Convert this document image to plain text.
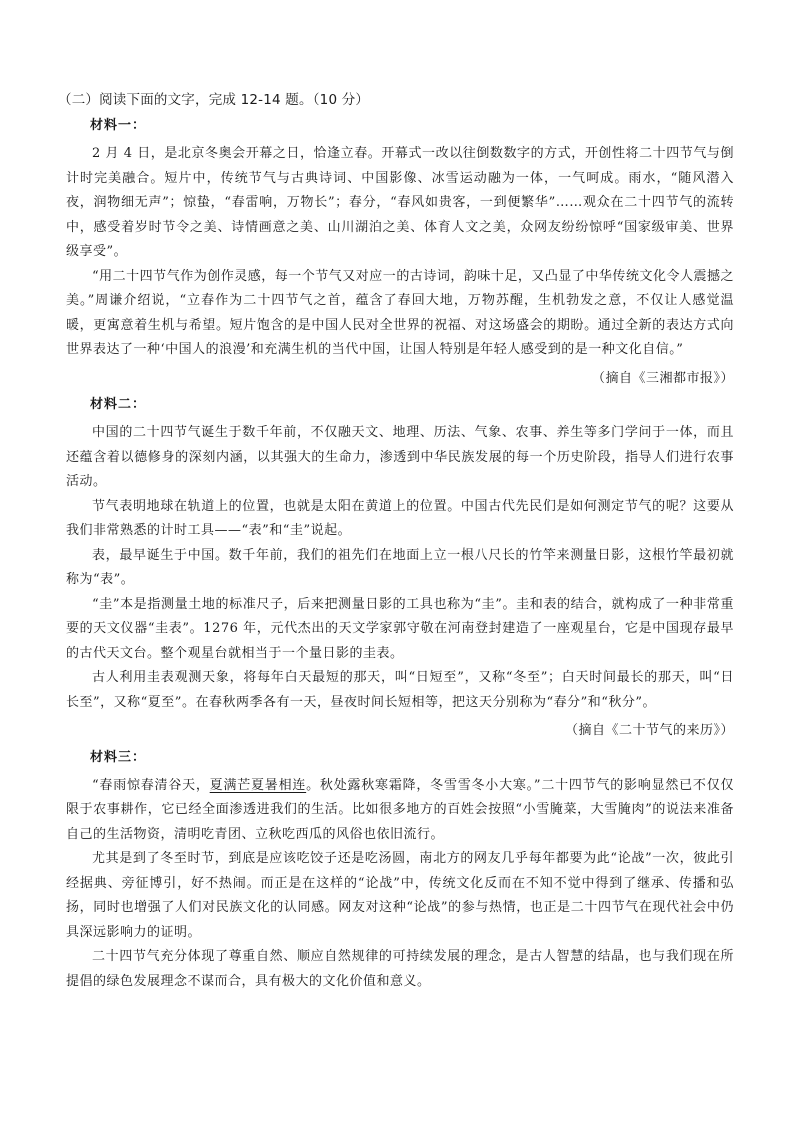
（二）阅读下面的文字，完成 12-14 题。（10 分）
材料一：

2 月 4 日，是北京冬奥会开幕之日，恰逢立春。开幕式一改以往倒数数字的方式，开创性将二十四节气与倒计时完美融合。短片中，传统节气与古典诗词、中国影像、冰雪运动融为一体，一气呵成。雨水，“随风潜入夜，润物细无声”；惊蛰，“春雷响，万物长”；春分，“春风如贵客，一到便繁华”……观众在二十四节气的流转中，感受着岁时节令之美、诗情画意之美、山川湖泊之美、体育人文之美，众网友纷纷惊呼“国家级审美、世界级享受”。

“用二十四节气作为创作灵感，每一个节气又对应一的古诗词，韵味十足，又凸显了中华传统文化令人震撼之美。”周谦介绍说，“立春作为二十四节气之首，蕴含了春回大地，万物苏醒，生机勃发之意，不仅让人感觉温暖，更寓意着生机与希望。短片饱含的是中国人民对全世界的祝福、对这场盛会的期盼。通过全新的表达方式向世界表达了一种‘中国人的浪漫’和充满生机的当代中国，让国人特别是年轻人感受到的是一种文化自信。”

（摘自《三湘都市报》）
材料二：

中国的二十四节气诞生于数千年前，不仅融天文、地理、历法、气象、农事、养生等多门学问于一体，而且还蕴含着以德修身的深刻内涵，以其强大的生命力，渗透到中华民族发展的每一个历史阶段，指导人们进行农事活动。

节气表明地球在轨道上的位置，也就是太阳在黄道上的位置。中国古代先民们是如何测定节气的呢？这要从我们非常熟悉的计时工具——“表”和“圭”说起。

表，最早诞生于中国。数千年前，我们的祖先们在地面上立一根八尺长的竹竿来测量日影，这根竹竿最初就称为“表”。

“圭”本是指测量土地的标准尺子，后来把测量日影的工具也称为“圭”。圭和表的结合，就构成了一种非常重要的天文仪器“圭表”。1276 年，元代杰出的天文学家郭守敬在河南登封建造了一座观星台，它是中国现存最早的古代天文台。整个观星台就相当于一个量日影的圭表。

古人利用圭表观测天象，将每年白天最短的那天，叫“日短至”，又称“冬至”；白天时间最长的那天，叫“日长至”，又称“夏至”。在春秋两季各有一天，昼夜时间长短相等，把这天分别称为“春分”和“秋分”。

（摘自《二十节气的来历》）
材料三：

“春雨惊春清谷天，夏满芒夏暑相连。秋处露秋寒霜降，冬雪雪冬小大寒。”二十四节气的影响显然已不仅仅限于农事耕作，它已经全面渗透进我们的生活。比如很多地方的百姓会按照“小雪腌菜，大雪腌肉”的说法来准备自己的生活物资，清明吃青团、立秋吃西瓜的风俗也依旧流行。

尤其是到了冬至时节，到底是应该吃饺子还是吃汤圆，南北方的网友几乎每年都要为此“论战”一次，彼此引经据典、旁征博引，好不热闹。而正是在这样的“论战”中，传统文化反而在不知不觉中得到了继承、传播和弘扬，同时也增强了人们对民族文化的认同感。网友对这种“论战”的参与热情，也正是二十四节气在现代社会中仍具深远影响力的证明。

二十四节气充分体现了尊重自然、顺应自然规律的可持续发展的理念，是古人智慧的结晶，也与我们现在所提倡的绿色发展理念不谋而合，具有极大的文化价值和意义。
